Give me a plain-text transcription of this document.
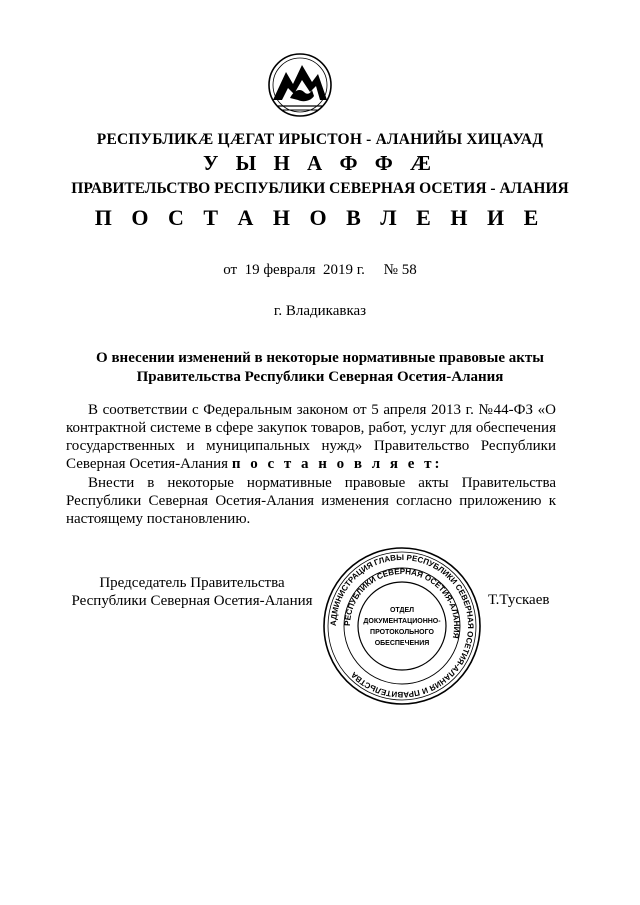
РЕСПУБЛИКӔ ЦӔГАТ ИРЫСТОН - АЛАНИЙЫ ХИЦАУАД
У Ы Н А Ф Ф Ӕ
ПРАВИТЕЛЬСТВО РЕСПУБЛИКИ СЕВЕРНАЯ ОСЕТИЯ - АЛАНИЯ
П О С Т А Н О В Л Е Н И Е
от  19 февраля  2019 г.     № 58
г. Владикавказ
О внесении изменений в некоторые нормативные правовые акты
Правительства Республики Северная Осетия-Алания
В соответствии с Федеральным законом от 5 апреля 2013 г. №44-ФЗ «О контрактной системе в сфере закупок товаров, работ, услуг для обеспечения государственных и муниципальных нужд» Правительство Республики Северная Осетия-Алания п о с т а н о в л я е т:
Внести в некоторые нормативные правовые акты Правительства Республики Северная Осетия-Алания изменения согласно приложению к настоящему постановлению.
Председатель Правительства
Республики Северная Осетия-Алания
АДМИНИСТРАЦИЯ ГЛАВЫ РЕСПУБЛИКИ СЕВЕРНАЯ ОСЕТИЯ-АЛАНИЯ И ПРАВИТЕЛЬСТВА
РЕСПУБЛИКИ СЕВЕРНАЯ ОСЕТИЯ-АЛАНИЯ
ОТДЕЛ
ДОКУМЕНТАЦИОННО-
ПРОТОКОЛЬНОГО
ОБЕСПЕЧЕНИЯ
Т.Тускаев
